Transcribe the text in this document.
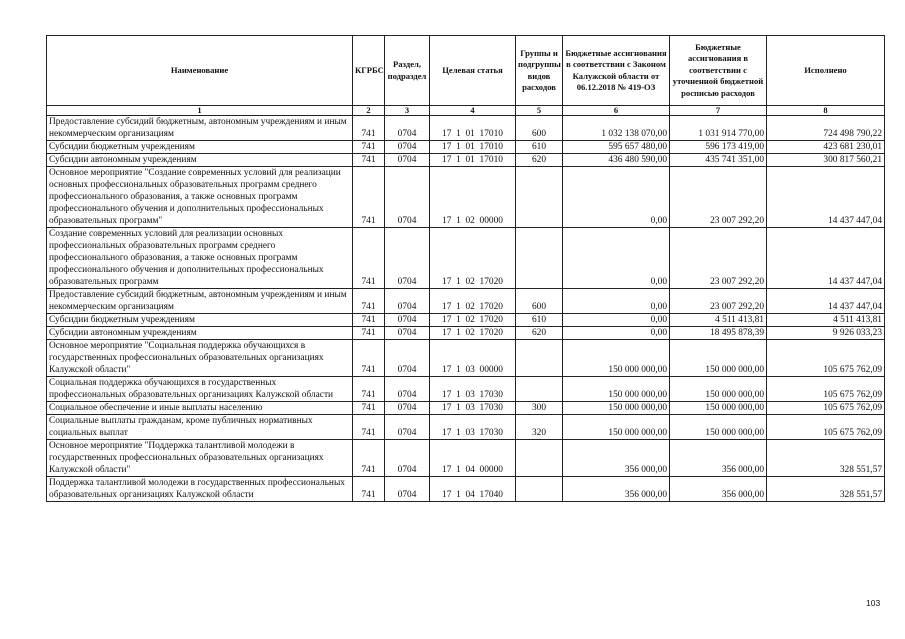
Наименование	КГРБС	Раздел, подраздел	Целевая статья	Группы и подгруппы видов расходов	Бюджетные ассигнования в соответствии с Законом Калужской области от 06.12.2018 № 419-ОЗ	Бюджетные ассигнования в соответствии с уточненной бюджетной росписью расходов	Исполнено
1	2	3	4	5	6	7	8
Предоставление субсидий бюджетным, автономным учреждениям и иным некоммерческим организациям	741	0704	17  1  01  17010	600	1 032 138 070,00	1 031 914 770,00	724 498 790,22
Субсидии бюджетным учреждениям	741	0704	17  1  01  17010	610	595 657 480,00	596 173 419,00	423 681 230,01
Субсидии автономным учреждениям	741	0704	17  1  01  17010	620	436 480 590,00	435 741 351,00	300 817 560,21
Основное мероприятие "Создание современных условий для реализации основных профессиональных образовательных программ среднего профессионального образования, а также основных программ профессионального обучения и дополнительных профессиональных образовательных программ"	741	0704	17  1  02  00000		0,00	23 007 292,20	14 437 447,04
Создание современных условий для реализации основных профессиональных образовательных программ среднего профессионального образования, а также основных программ профессионального обучения и дополнительных профессиональных образовательных программ	741	0704	17  1  02  17020		0,00	23 007 292,20	14 437 447,04
Предоставление субсидий бюджетным, автономным учреждениям и иным некоммерческим организациям	741	0704	17  1  02  17020	600	0,00	23 007 292,20	14 437 447,04
Субсидии бюджетным учреждениям	741	0704	17  1  02  17020	610	0,00	4 511 413,81	4 511 413,81
Субсидии автономным учреждениям	741	0704	17  1  02  17020	620	0,00	18 495 878,39	9 926 033,23
Основное мероприятие "Социальная поддержка обучающихся в государственных профессиональных образовательных организациях Калужской области"	741	0704	17  1  03  00000		150 000 000,00	150 000 000,00	105 675 762,09
Социальная поддержка обучающихся в государственных профессиональных образовательных организациях Калужской области	741	0704	17  1  03  17030		150 000 000,00	150 000 000,00	105 675 762,09
Социальное обеспечение и иные выплаты населению	741	0704	17  1  03  17030	300	150 000 000,00	150 000 000,00	105 675 762,09
Социальные выплаты гражданам, кроме публичных нормативных социальных выплат	741	0704	17  1  03  17030	320	150 000 000,00	150 000 000,00	105 675 762,09
Основное мероприятие "Поддержка талантливой молодежи в государственных профессиональных образовательных организациях Калужской области"	741	0704	17  1  04  00000		356 000,00	356 000,00	328 551,57
Поддержка талантливой молодежи в государственных профессиональных образовательных организациях Калужской области	741	0704	17  1  04  17040		356 000,00	356 000,00	328 551,57
103
